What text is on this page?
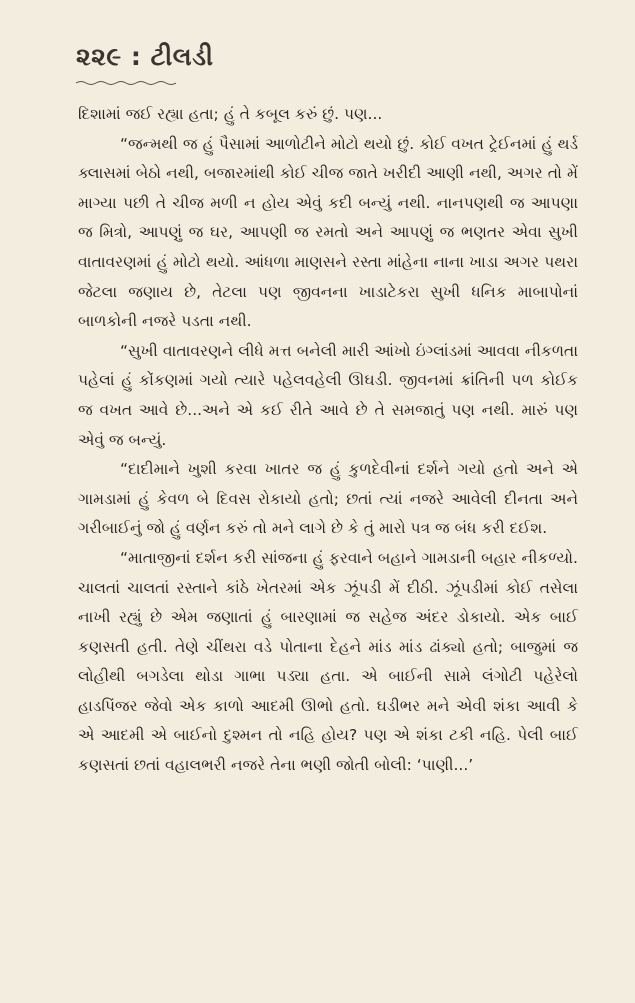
૨૨૯ : ટીલડી

દિશામાં જઈ રહ્યા હતા; હું તે કબૂલ કરું છું. પણ...

“જન્મથી જ હું પૈસામાં આળોટીને મોટો થયો છું. કોઈ વખત ટ્રેઈનમાં હું થર્ડ ક્લાસમાં બેઠો નથી, બજારમાંથી કોઈ ચીજ જાતે ખરીદી આણી નથી, અગર તો મેં માગ્યા પછી તે ચીજ મળી ન હોય એવું કદી બન્યું નથી. નાનપણથી જ આપણા જ મિત્રો, આપણું જ ઘર, આપણી જ રમતો અને આપણું જ ભણતર એવા સુખી વાતાવરણમાં હું મોટો થયો. આંધળા માણસને રસ્તા માંહેના નાના ખાડા અગર પથરા જેટલા જણાય છે, તેટલા પણ જીવનના ખાડાટેકરા સુખી ધનિક માબાપોનાં બાળકોની નજરે પડતા નથી.

“સુખી વાતાવરણને લીધે મત્ત બનેલી મારી આંખો ઇંગ્લાંડમાં આવવા નીકળતા પહેલાં હું કોંકણમાં ગયો ત્યારે પહેલવહેલી ઊઘડી. જીવનમાં ક્રાંતિની પળ કોઈક જ વખત આવે છે...અને એ કઈ રીતે આવે છે તે સમજાતું પણ નથી. મારું પણ એવું જ બન્યું.

“દાદીમાને ખુશી કરવા ખાતર જ હું કુળદેવીનાં દર્શને ગયો હતો અને એ ગામડામાં હું કેવળ બે દિવસ રોકાયો હતો; છતાં ત્યાં નજરે આવેલી દીનતા અને ગરીબાઈનું જો હું વર્ણન કરું તો મને લાગે છે કે તું મારો પત્ર જ બંધ કરી દઈશ.

“માતાજીનાં દર્શન કરી સાંજના હું ફરવાને બહાને ગામડાની બહાર નીકળ્યો. ચાલતાં ચાલતાં રસ્તાને કાંઠે ખેતરમાં એક ઝૂંપડી મેં દીઠી. ઝૂંપડીમાં કોઈ તસેલા નાખી રહ્યું છે એમ જણાતાં હું બારણામાં જ સહેજ અંદર ડોકાયો. એક બાઈ કણસતી હતી. તેણે ચીંથરા વડે પોતાના દેહને માંડ માંડ ઢાંક્યો હતો; બાજુમાં જ લોહીથી બગડેલા થોડા ગાભા પડ્યા હતા. એ બાઈની સામે લંગોટી પહેરેલો હાડપિંજર જેવો એક કાળો આદમી ઊભો હતો. ઘડીભર મને એવી શંકા આવી કે એ આદમી એ બાઈનો દુશ્મન તો નહિ હોય? પણ એ શંકા ટકી નહિ. પેલી બાઈ કણસતાં છતાં વહાલભરી નજરે તેના ભણી જોતી બોલી: ‘પાણી...’
